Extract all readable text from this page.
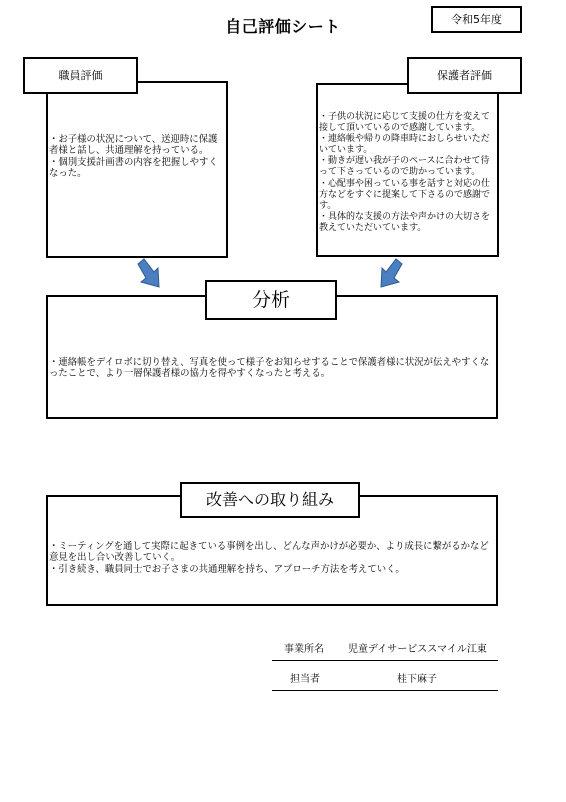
自己評価シート	令和5年度
職員評価
・お子様の状況について、送迎時に保護者様と話し、共通理解を持っている。
・個別支援計画書の内容を把握しやすくなった。
保護者評価
・子供の状況に応じて支援の仕方を変えて接して頂いているので感謝しています。
・連絡帳や帰りの降車時におしらせいただいています。
・動きが遅い我が子のペースに合わせて待って下さっているので助かっています。
・心配事や困っている事を話すと対応の仕方などをすぐに提案して下さるので感謝です。
・具体的な支援の方法や声かけの大切さを教えていただいています。
分析
・連絡帳をデイロボに切り替え、写真を使って様子をお知らせすることで保護者様に状況が伝えやすくなったことで、より一層保護者様の協力を得やすくなったと考える。
改善への取り組み
・ミーティングを通して実際に起きている事例を出し、どんな声かけが必要か、より成長に繋がるかなど意見を出し合い改善していく。
・引き続き、職員同士でお子さまの共通理解を持ち、アプローチ方法を考えていく。
事業所名 児童デイサービススマイル江東
担当者	桂下麻子
